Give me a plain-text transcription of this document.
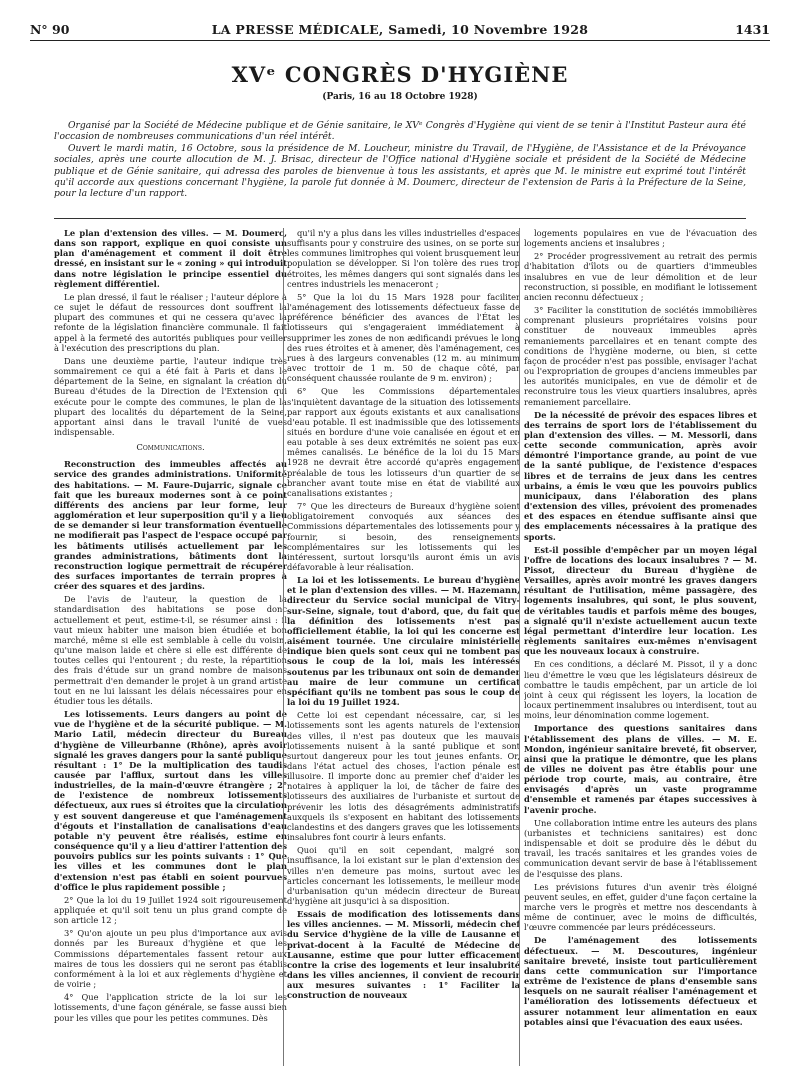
N° 90	LA PRESSE MÉDICALE, Samedi, 10 Novembre 1928	1431
XVᵉ CONGRÈS D'HYGIÈNE
(Paris, 16 au 18 Octobre 1928)

Organisé par la Société de Médecine publique et de Génie sanitaire, le XVᵉ Congrès d'Hygiène qui vient de se tenir à l'Institut Pasteur aura été l'occasion de nombreuses communications d'un réel intérêt.

Ouvert le mardi matin, 16 Octobre, sous la présidence de M. Loucheur, ministre du Travail, de l'Hygiène, de l'Assistance et de la Prévoyance sociales, après une courte allocution de M. J. Brisac, directeur de l'Office national d'Hygiène sociale et président de la Société de Médecine publique et de Génie sanitaire, qui adressa des paroles de bienvenue à tous les assistants, et après que M. le ministre eut exprimé tout l'intérêt qu'il accorde aux questions concernant l'hygiène, la parole fut donnée à M. Doumerc, directeur de l'extension de Paris à la Préfecture de la Seine, pour la lecture d'un rapport.

Le plan d'extension des villes. — M. Doumerc, dans son rapport, explique en quoi consiste un plan d'aménagement et comment il doit être dressé, en insistant sur le « zoning » qui introduit dans notre législation le principe essentiel du règlement différentiel.

Le plan dressé, il faut le réaliser ; l'auteur déplore à ce sujet le défaut de ressources dont souffrent la plupart des communes et qui ne cessera qu'avec la refonte de la législation financière communale. Il fait appel à la fermeté des autorités publiques pour veiller à l'exécution des prescriptions du plan.

Dans une deuxième partie, l'auteur indique très sommairement ce qui a été fait à Paris et dans le département de la Seine, en signalant la création du Bureau d'études de la Direction de l'Extension qui exécute pour le compte des communes, le plan de la plupart des localités du département de la Seine, apportant ainsi dans le travail l'unité de vues indispensable.

Communications.

Reconstruction des immeubles affectés au service des grandes administrations. Uniformité des habitations. — M. Faure-Dujarric, signale ce fait que les bureaux modernes sont à ce point différents des anciens par leur forme, leur agglomération et leur superposition qu'il y a lieu de se demander si leur transformation éventuelle ne modifierait pas l'aspect de l'espace occupé par les bâtiments utilisés actuellement par les grandes administrations, bâtiments dont la reconstruction logique permettrait de récupérer des surfaces importantes de terrain propres à créer des squares et des jardins.

De l'avis de l'auteur, la question de la standardisation des habitations se pose donc actuellement et peut, estime-t-il, se résumer ainsi : il vaut mieux habiter une maison bien étudiée et bon marché, même si elle est semblable à celle du voisin, qu'une maison laide et chère si elle est différente de toutes celles qui l'entourent ; du reste, la répartition des frais d'étude sur un grand nombre de maisons permettrait d'en demander le projet à un grand artiste tout en ne lui laissant les délais nécessaires pour en étudier tous les détails.

Les lotissements. Leurs dangers au point de vue de l'hygiène et de la sécurité publique. — M. Mario Latil, médecin directeur du Bureau d'hygiène de Villeurbanne (Rhône), après avoir signalé les graves dangers pour la santé publique résultant : 1° De la multiplication des taudis causée par l'afflux, surtout dans les villes industrielles, de la main-d'œuvre étrangère ; 2° de l'existence de nombreux lotissements défectueux, aux rues si étroites que la circulation y est souvent dangereuse et que l'aménagement d'égouts et l'installation de canalisations d'eau potable n'y peuvent être réalisés, estime en conséquence qu'il y a lieu d'attirer l'attention des pouvoirs publics sur les points suivants : 1° Que les villes et les communes dont le plan d'extension n'est pas établi en soient pourvues d'office le plus rapidement possible ;

2° Que la loi du 19 Juillet 1924 soit rigoureusement appliquée et qu'il soit tenu un plus grand compte de son article 12 ;

3° Qu'on ajoute un peu plus d'importance aux avis donnés par les Bureaux d'hygiène et que les Commissions départementales fassent retour aux maires de tous les dossiers qui ne seront pas établis conformément à la loi et aux règlements d'hygiène et de voirie ;

4° Que l'application stricte de la loi sur les lotissements, d'une façon générale, se fasse aussi bien pour les villes que pour les petites communes. Dès

qu'il n'y a plus dans les villes industrielles d'espaces suffisants pour y construire des usines, on se porte sur les communes limitrophes qui voient brusquement leur population se développer. Si l'on tolère des rues trop étroites, les mêmes dangers qui sont signalés dans les centres industriels les menaceront ;

5° Que la loi du 15 Mars 1928 pour faciliter l'aménagement des lotissements défectueux fasse de préférence bénéficier des avances de l'État les lotisseurs qui s'engageraient immédiatement à supprimer les zones de non ædificandi prévues le long des rues étroites et à amener, dès l'aménagement, ces rues à des largeurs convenables (12 m. au minimum avec trottoir de 1 m. 50 de chaque côté, par conséquent chaussée roulante de 9 m. environ) ;

6° Que les Commissions départementales s'inquiètent davantage de la situation des lotissements par rapport aux égouts existants et aux canalisations d'eau potable. Il est inadmissible que des lotissements situés en bordure d'une voie canalisée en égout et en eau potable à ses deux extrémités ne soient pas eux-mêmes canalisés. Le bénéfice de la loi du 15 Mars 1928 ne devrait être accordé qu'après engagement préalable de tous les lotisseurs d'un quartier de se brancher avant toute mise en état de viabilité aux canalisations existantes ;

7° Que les directeurs de Bureaux d'hygiène soient obligatoirement convoqués aux séances des Commissions départementales des lotissements pour y fournir, si besoin, des renseignements complémentaires sur les lotissements qui les intéressent, surtout lorsqu'ils auront émis un avis défavorable à leur réalisation.

La loi et les lotissements. Le bureau d'hygiène et le plan d'extension des villes. — M. Hazemann, directeur du Service social municipal de Vitry-sur-Seine, signale, tout d'abord, que, du fait que la définition des lotissements n'est pas officiellement établie, la loi qui les concerne est aisément tournée. Une circulaire ministérielle indique bien quels sont ceux qui ne tombent pas sous le coup de la loi, mais les intéressés soutenus par les tribunaux ont soin de demander au maire de leur commune un certificat spécifiant qu'ils ne tombent pas sous le coup de la loi du 19 Juillet 1924.

Cette loi est cependant nécessaire, car, si les lotissements sont les agents naturels de l'extension des villes, il n'est pas douteux que les mauvais lotissements nuisent à la santé publique et sont surtout dangereux pour les tout jeunes enfants. Or, dans l'état actuel des choses, l'action pénale est illusoire. Il importe donc au premier chef d'aider les notaires à appliquer la loi, de tâcher de faire des lotisseurs des auxiliaires de l'urbaniste et surtout de prévenir les lotis des désagréments administratifs auxquels ils s'exposent en habitant des lotissements clandestins et des dangers graves que les lotissements insalubres font courir à leurs enfants.

Quoi qu'il en soit cependant, malgré son insuffisance, la loi existant sur le plan d'extension des villes n'en demeure pas moins, surtout avec les articles concernant les lotissements, le meilleur mode d'urbanisation qu'un médecin directeur de Bureau d'hygiène ait jusqu'ici à sa disposition.

Essais de modification des lotissements dans les villes anciennes. — M. Missorli, médecin chef du Service d'hygiène de la ville de Lausanne et privat-docent à la Faculté de Médecine de Lausanne, estime que pour lutter efficacement contre la crise des logements et leur insalubrité dans les villes anciennes, il convient de recourir aux mesures suivantes : 1° Faciliter la construction de nouveaux

logements populaires en vue de l'évacuation des logements anciens et insalubres ;

2° Procéder progressivement au retrait des permis d'habitation d'îlots ou de quartiers d'immeubles insalubres en vue de leur démolition et de leur reconstruction, si possible, en modifiant le lotissement ancien reconnu défectueux ;

3° Faciliter la constitution de sociétés immobilières comprenant plusieurs propriétaires voisins pour constituer de nouveaux immeubles après remaniements parcellaires et en tenant compte des conditions de l'hygiène moderne, ou bien, si cette façon de procéder n'est pas possible, envisager l'achat ou l'expropriation de groupes d'anciens immeubles par les autorités municipales, en vue de démolir et de reconstruire tous les vieux quartiers insalubres, après remaniement parcellaire.

De la nécessité de prévoir des espaces libres et des terrains de sport lors de l'établissement du plan d'extension des villes. — M. Messorli, dans cette seconde communication, après avoir démontré l'importance grande, au point de vue de la santé publique, de l'existence d'espaces libres et de terrains de jeux dans les centres urbains, a émis le vœu que les pouvoirs publics municipaux, dans l'élaboration des plans d'extension des villes, prévoient des promenades et des espaces en étendue suffisante ainsi que des emplacements nécessaires à la pratique des sports.

Est-il possible d'empêcher par un moyen légal l'offre de locations des locaux insalubres ? — M. Pissot, directeur du Bureau d'hygiène de Versailles, après avoir montré les graves dangers résultant de l'utilisation, même passagère, des logements insalubres, qui sont, le plus souvent, de véritables taudis et parfois même des bouges, a signalé qu'il n'existe actuellement aucun texte légal permettant d'interdire leur location. Les règlements sanitaires eux-mêmes n'envisagent que les nouveaux locaux à construire.

En ces conditions, a déclaré M. Pissot, il y a donc lieu d'émettre le vœu que les législateurs désireux de combattre le taudis empêchent, par un article de loi joint à ceux qui régissent les loyers, la location de locaux pertinemment insalubres ou interdisent, tout au moins, leur dénomination comme logement.

Importance des questions sanitaires dans l'établissement des plans de villes. — M. E. Mondon, ingénieur sanitaire breveté, fit observer, ainsi que la pratique le démontre, que les plans de villes ne doivent pas être établis pour une période trop courte, mais, au contraire, être envisagés d'après un vaste programme d'ensemble et ramenés par étapes successives à l'avenir proche.

Une collaboration intime entre les auteurs des plans (urbanistes et techniciens sanitaires) est donc indispensable et doit se produire dès le début du travail, les tracés sanitaires et les grandes voies de communication devant servir de base à l'établissement de l'esquisse des plans.

Les prévisions futures d'un avenir très éloigné peuvent seules, en effet, guider d'une façon certaine la marche vers le progrès et mettre nos descendants à même de continuer, avec le moins de difficultés, l'œuvre commencée par leurs prédécesseurs.

De l'aménagement des lotissements défectueux. — M. Descoutures, ingénieur sanitaire breveté, insiste tout particulièrement dans cette communication sur l'importance extrême de l'existence de plans d'ensemble sans lesquels on ne saurait réaliser l'aménagement et l'amélioration des lotissements défectueux et assurer notamment leur alimentation en eaux potables ainsi que l'évacuation des eaux usées.
